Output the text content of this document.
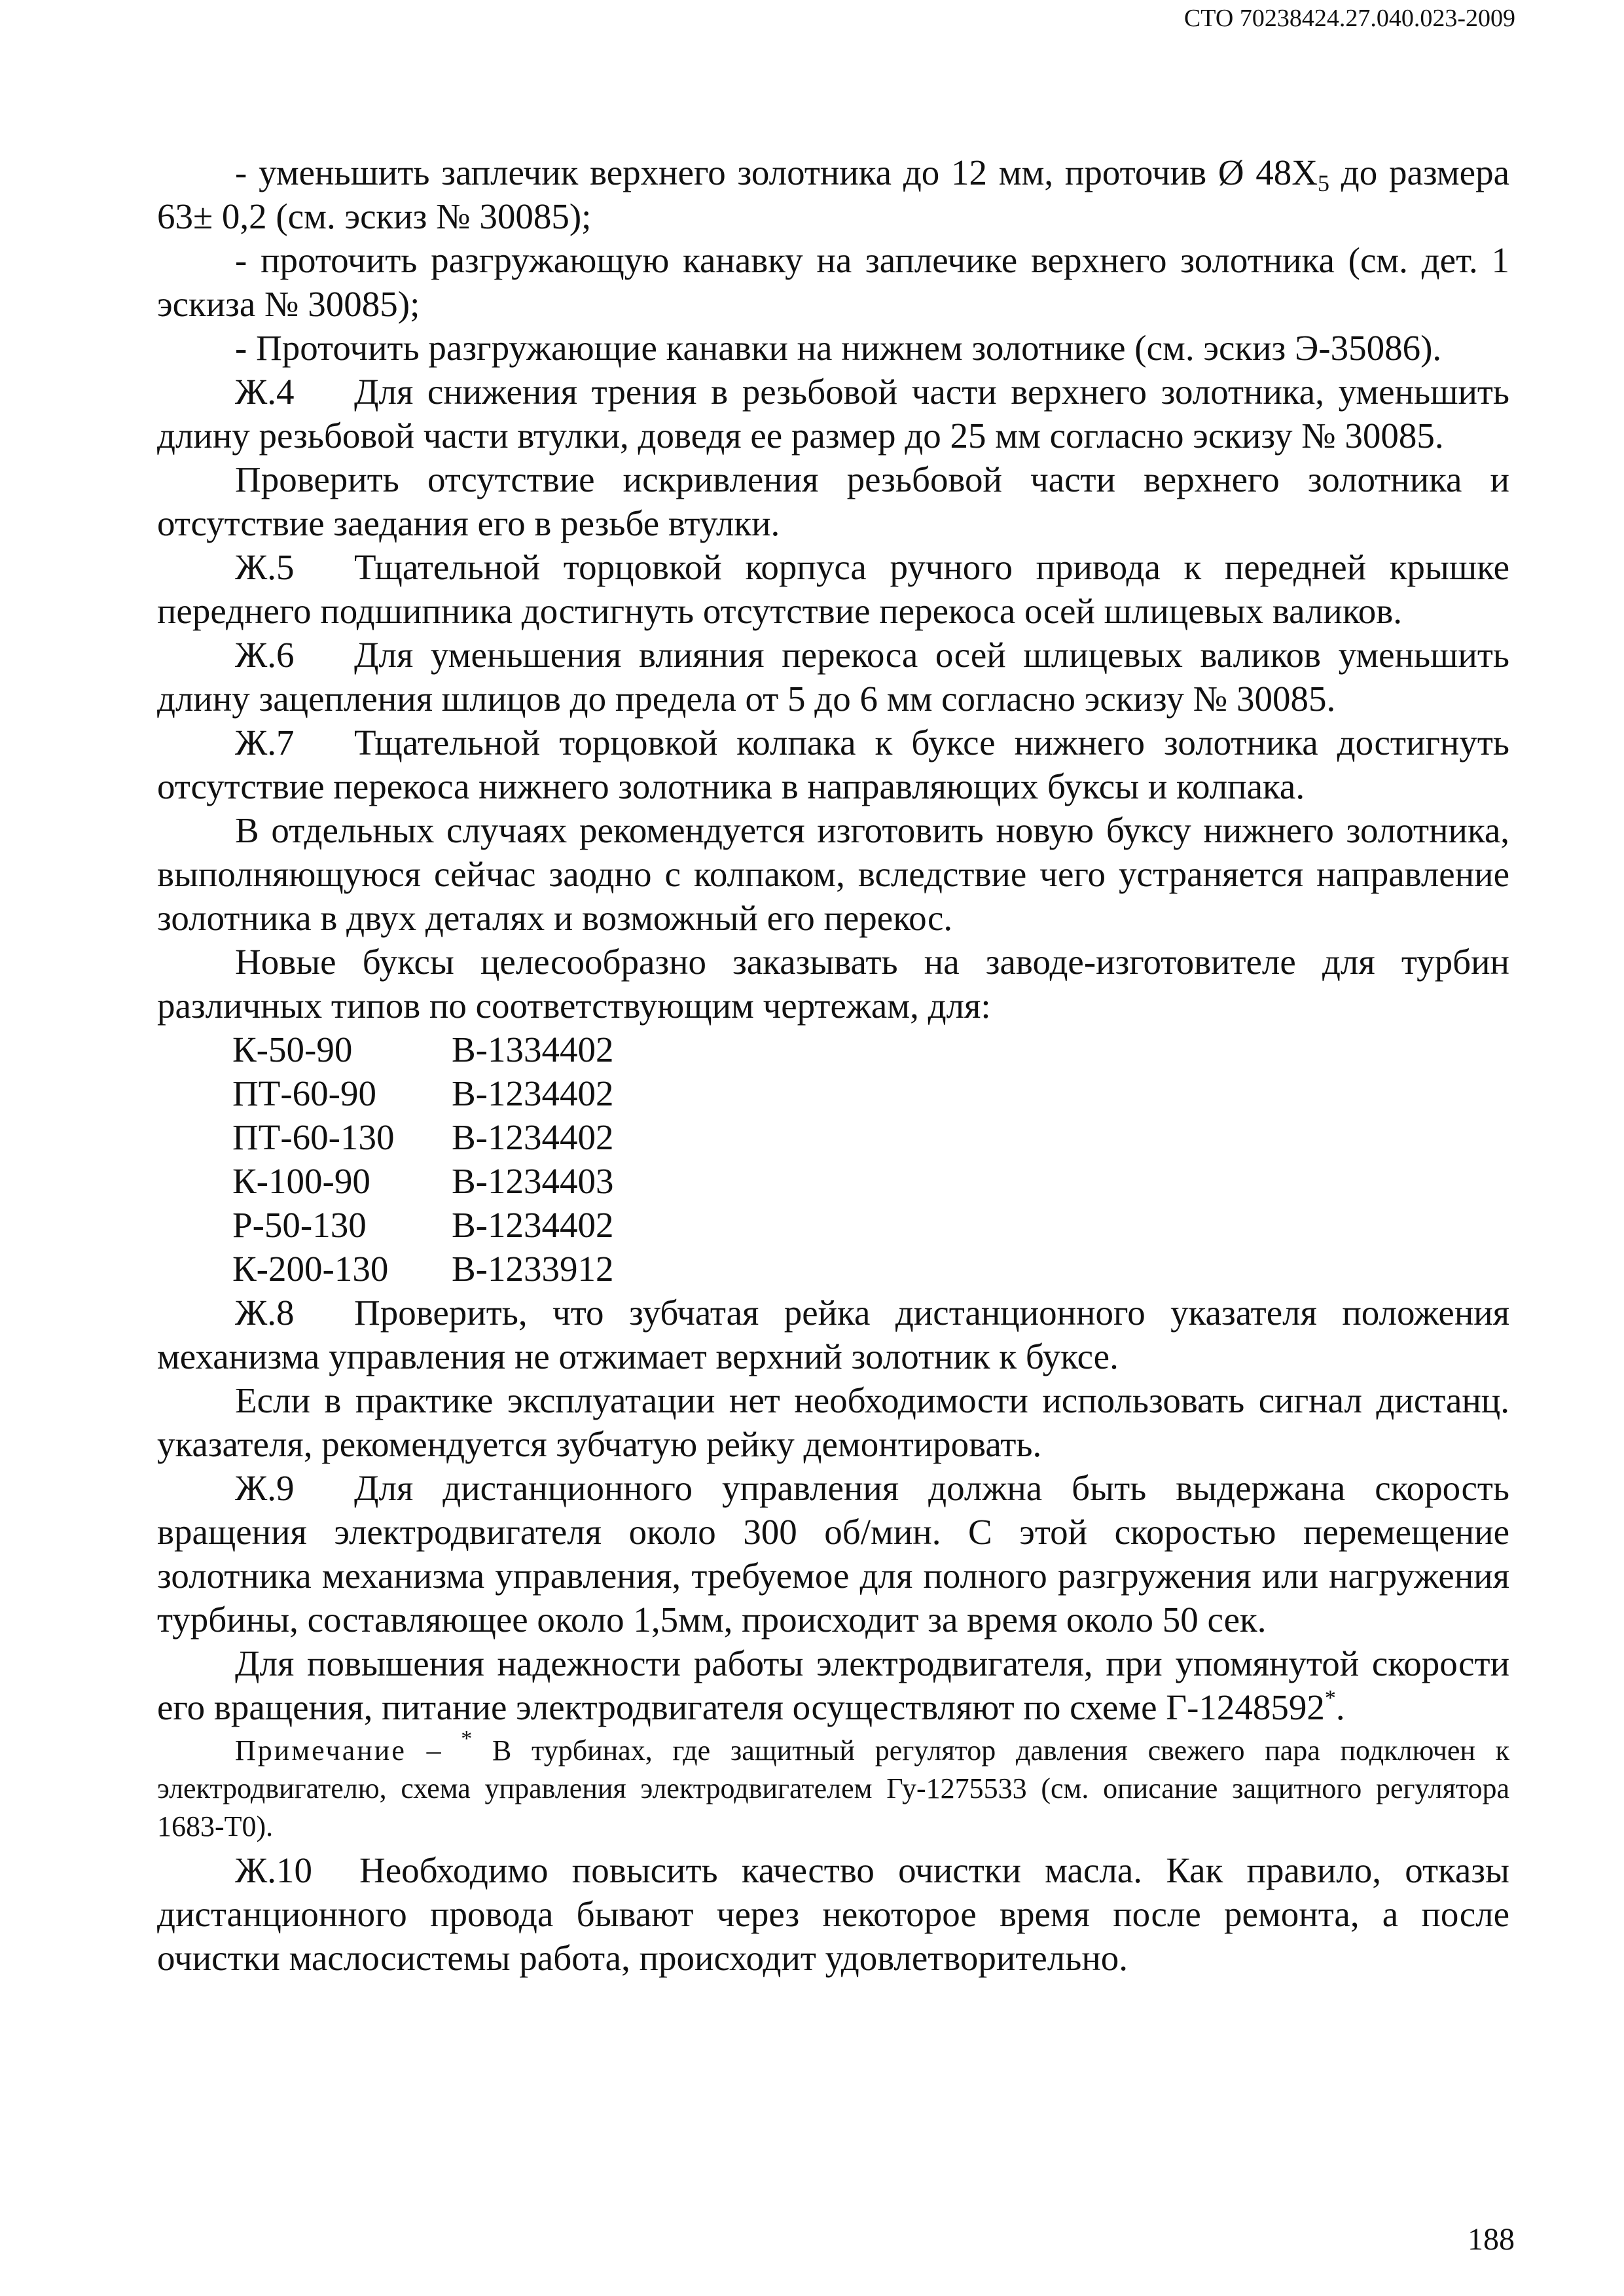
СТО 70238424.27.040.023-2009

- уменьшить заплечик верхнего золотника до 12 мм, проточив Ø $48Х_5$ до размера 63± 0,2 (см. эскиз № 30085);

- проточить разгружающую канавку на заплечике верхнего золотника (см. дет. 1 эскиза № 30085);

- Проточить разгружающие канавки на нижнем золотнике (см. эскиз Э-35086).

Ж.4 Для снижения трения в резьбовой части верхнего золотника, уменьшить длину резьбовой части втулки, доведя ее размер до 25 мм согласно эскизу № 30085.

Проверить отсутствие искривления резьбовой части верхнего золотника и отсутствие заедания его в резьбе втулки.

Ж.5 Тщательной торцовкой корпуса ручного привода к передней крышке переднего подшипника достигнуть отсутствие перекоса осей шлицевых валиков.

Ж.6 Для уменьшения влияния перекоса осей шлицевых валиков уменьшить длину зацепления шлицов до предела от 5 до 6 мм согласно эскизу № 30085.

Ж.7 Тщательной торцовкой колпака к буксе нижнего золотника достигнуть отсутствие перекоса нижнего золотника в направляющих буксы и колпака.

В отдельных случаях рекомендуется изготовить новую буксу нижнего золотника, выполняющуюся сейчас заодно с колпаком, вследствие чего устраняется направление золотника в двух деталях и возможный его перекос.

Новые буксы целесообразно заказывать на заводе-изготовителе для турбин различных типов по соответствующим чертежам, для:

К-50-90	В-1334402
ПТ-60-90	В-1234402
ПТ-60-130	В-1234402
К-100-90	В-1234403
Р-50-130	В-1234402
К-200-130	В-1233912

Ж.8 Проверить, что зубчатая рейка дистанционного указателя положения механизма управления не отжимает верхний золотник к буксе.

Если в практике эксплуатации нет необходимости использовать сигнал дистанц. указателя, рекомендуется зубчатую рейку демонтировать.

Ж.9 Для дистанционного управления должна быть выдержана скорость вращения электродвигателя около 300 об/мин. С этой скоростью перемещение золотника механизма управления, требуемое для полного разгружения или нагружения турбины, составляющее около 1,5мм, происходит за время около 50 сек.

Для повышения надежности работы электродвигателя, при упомянутой скорости его вращения, питание электродвигателя осуществляют по схеме Г-1248592*.

Примечание – * В турбинах, где защитный регулятор давления свежего пара подключен к электродвигателю, схема управления электродвигателем Гу-1275533 (см. описание защитного регулятора 1683-Т0).

Ж.10 Необходимо повысить качество очистки масла. Как правило, отказы дистанционного провода бывают через некоторое время после ремонта, а после очистки маслосистемы работа, происходит удовлетворительно.

188
